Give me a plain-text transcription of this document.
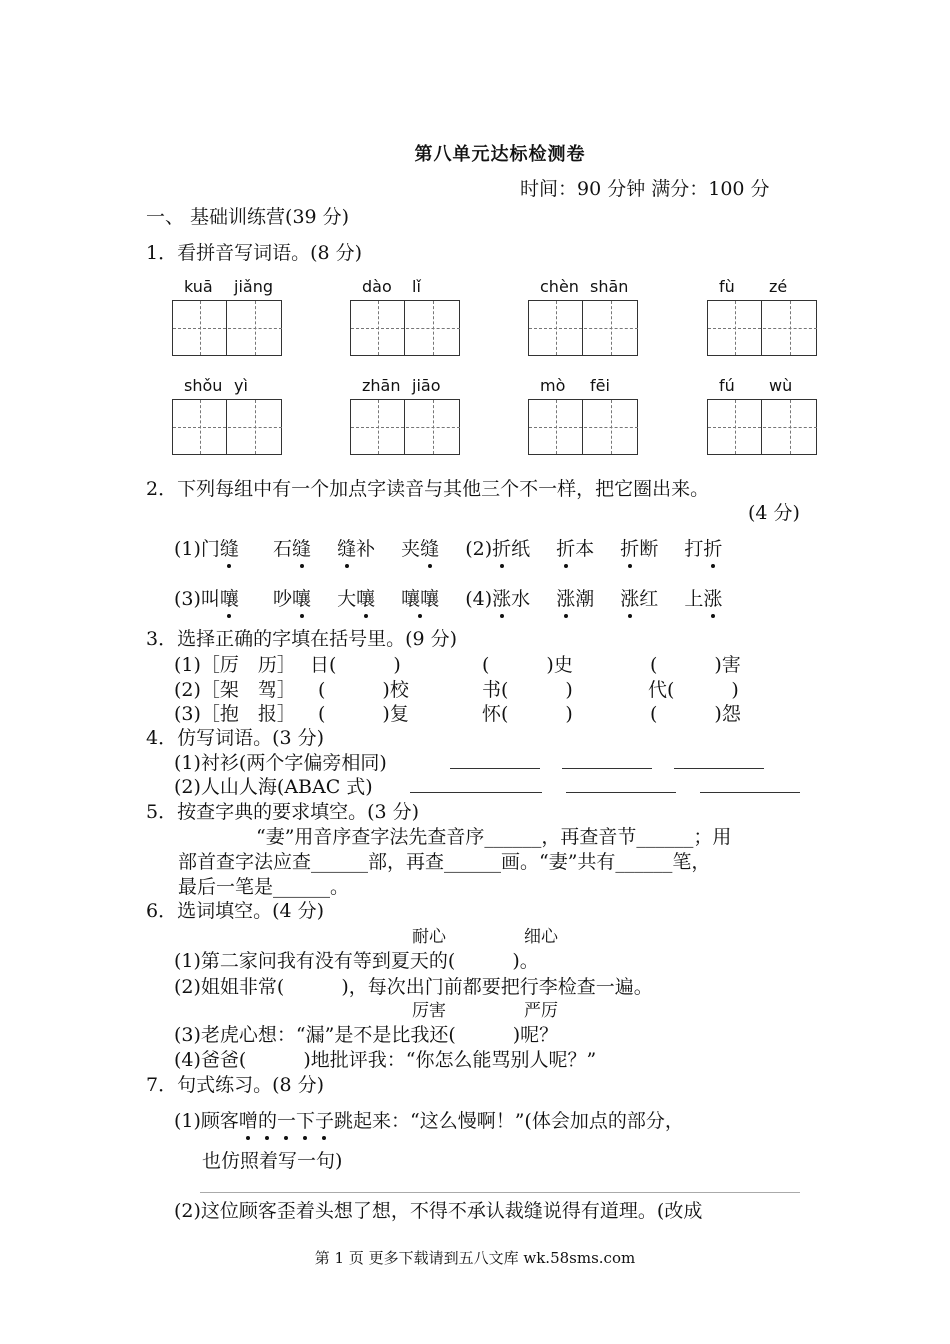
第八单元达标检测卷
时间：90 分钟 满分：100 分
一、 基础训练营(39 分)
1．看拼音写词语。(8 分)
kuā jiǎng	dào lǐ	chèn shān	fù zé
shǒu yì	zhān jiāo	mò fēi	fú wù
2．下列每组中有一个加点字读音与其他三个不一样，把它圈出来。
(4 分)
(1)门缝 石缝 缝补 夹缝 (2)折纸 折本 折断 打折
(3)叫嚷 吵嚷 大嚷 嚷嚷 (4)涨水 涨潮 涨红 上涨
3．选择正确的字填在括号里。(9 分)
(1)［厉　历］ 日(　　　)	(　　　)史	(　　　)害
(2)［架　驾］ (　　　)校	书(　　　)	代(　　　)
(3)［抱　报］ (　　　)复	怀(　　　)	(　　　)怨
4．仿写词语。(3 分)
(1)衬衫(两个字偏旁相同)
(2)人山人海(ABAC 式)
5．按查字典的要求填空。(3 分)
“妻”用音序查字法先查音序______，再查音节______；用
部首查字法应查______部，再查______画。“妻”共有______笔，
最后一笔是______。
6．选词填空。(4 分)
耐心	细心
(1)第二家问我有没有等到夏天的(　　　)。
(2)姐姐非常(　　　)，每次出门前都要把行李检查一遍。
厉害	严厉
(3)老虎心想：“漏”是不是比我还(　　　)呢？
(4)爸爸(　　　)地批评我：“你怎么能骂别人呢？”
7．句式练习。(8 分)
(1)顾客噌的一下子跳起来：“这么慢啊！”(体会加点的部分，
也仿照着写一句)
(2)这位顾客歪着头想了想，不得不承认裁缝说得有道理。(改成
第 1 页 更多下载请到五八文库 wk.58sms.com
